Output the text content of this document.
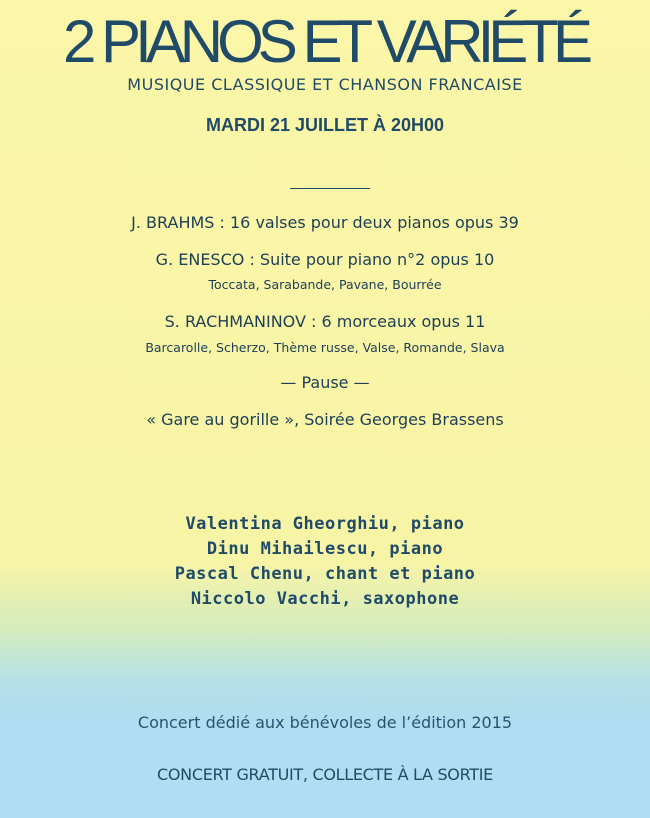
2 PIANOS ET VARIÉTÉ
MUSIQUE CLASSIQUE ET CHANSON FRANCAISE
MARDI 21 JUILLET À 20H00
J. BRAHMS : 16 valses pour deux pianos opus 39
G. ENESCO : Suite pour piano n°2 opus 10
Toccata, Sarabande, Pavane, Bourrée
S. RACHMANINOV : 6 morceaux opus 11
Barcarolle, Scherzo, Thème russe, Valse, Romande, Slava
— Pause —
« Gare au gorille », Soirée Georges Brassens
Valentina Gheorghiu, piano
Dinu Mihailescu, piano
Pascal Chenu, chant et piano
Niccolo Vacchi, saxophone
Concert dédié aux bénévoles de l’édition 2015
CONCERT GRATUIT, COLLECTE À LA SORTIE
